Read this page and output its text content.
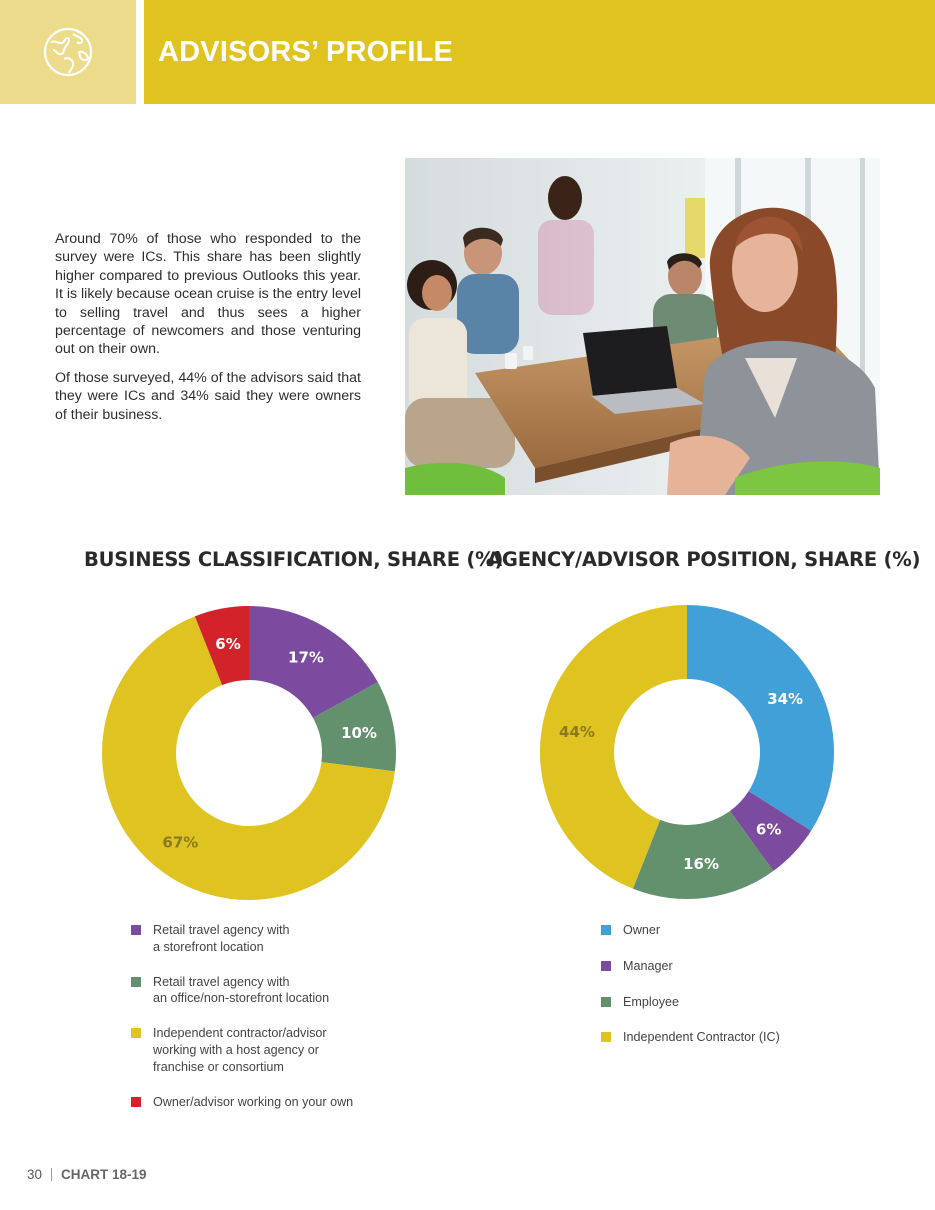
ADVISORS’ PROFILE

Around 70% of those who responded to the survey were ICs. This share has been slightly higher compared to previous Outlooks this year. It is likely because ocean cruise is the entry level to selling travel and thus sees a higher percentage of newcomers and those venturing out on their own.

Of those surveyed, 44% of the advisors said that they were ICs and 34% said they were owners of their business.

BUSINESS CLASSIFICATION, SHARE (%)
17%
10%
67%
6%
Retail travel agency with
a storefront location
Retail travel agency with
an office/non-storefront location
Independent contractor/advisor
working with a host agency or
franchise or consortium
Owner/advisor working on your own
AGENCY/ADVISOR POSITION, SHARE (%)
34%
6%
16%
44%
Owner
Manager
Employee
Independent Contractor (IC)
30 CHART 18-19
